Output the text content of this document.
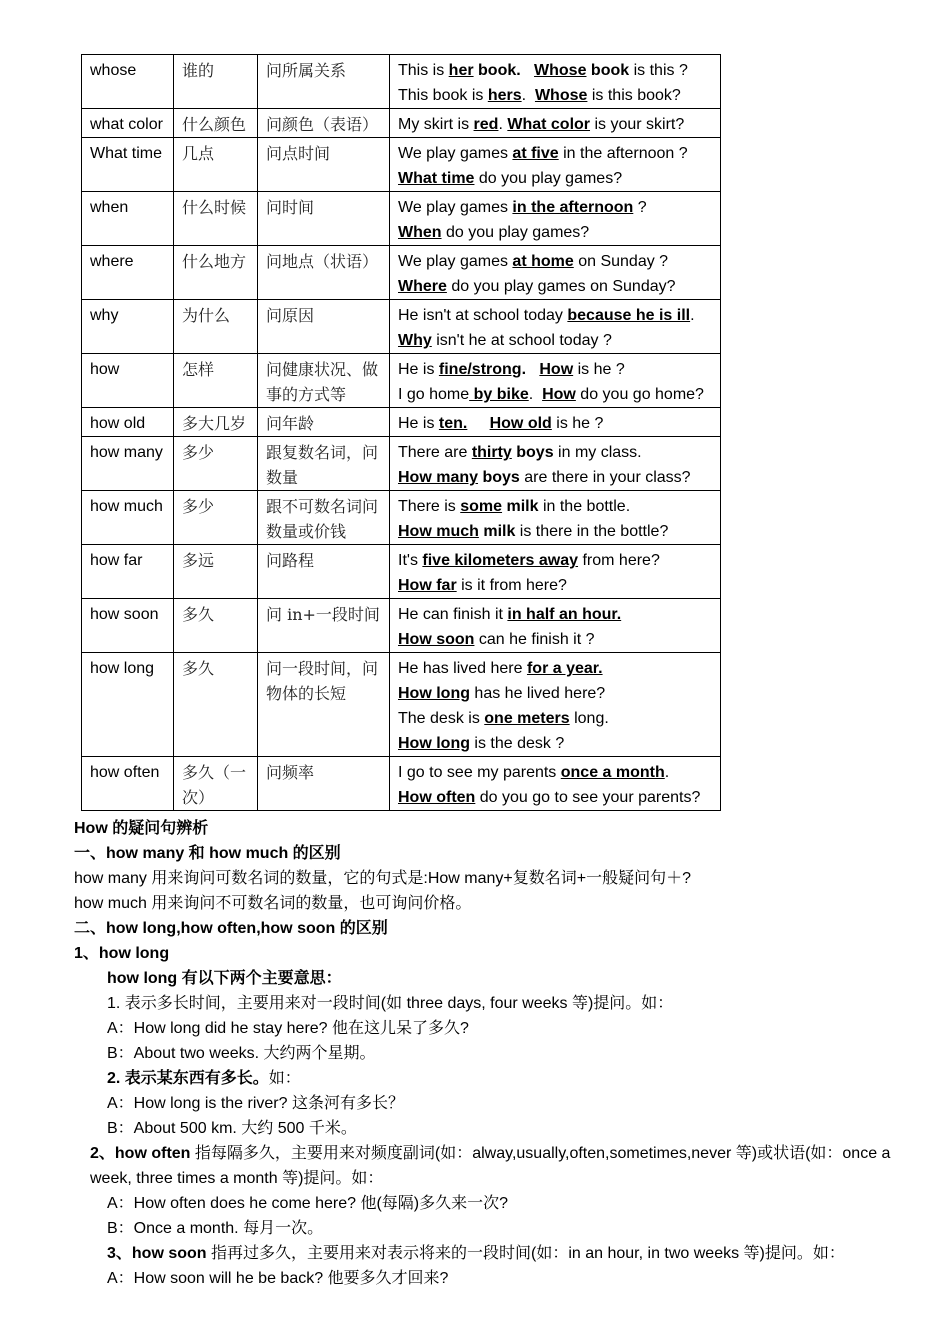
whose	谁的	问所属关系	This is her book. Whose book is this ?
This book is hers.  Whose is this book?

what color	什么颜色	问颜色（表语）	My skirt is red. What color is your skirt?

What time	几点	问点时间	We play games at five in the afternoon ?
What time do you play games?

when	什么时候	问时间	We play games in the afternoon ?
When do you play games?

where	什么地方	问地点（状语）	We play games at home on Sunday ?
Where do you play games on Sunday?

why	为什么	问原因	He isn't at school today because he is ill.
Why isn't he at school today ?

how	怎样	问健康状况、做事的方式等	He is fine/strong. How is he ?
I go home by bike.  How do you go home?

how old	多大几岁	问年龄	He is ten. How old is he ?

how many	多少	跟复数名词，问数量	There are thirty boys in my class.
How many boys are there in your class?

how much	多少	跟不可数名词问数量或价钱	There is some milk in the bottle.
How much milk is there in the bottle?

how far	多远	问路程	It's five kilometers away from here?
How far is it from here?

how soon	多久	问 in+一段时间	He can finish it in half an hour.
How soon can he finish it ?

how long	多久	问一段时间，问物体的长短	He has lived here for a year.
How long has he lived here?
The desk is one meters long.
How long is the desk ?

how often	多久（一次）	问频率	I go to see my parents once a month.
How often do you go to see your parents?
How 的疑问句辨析
一、how many 和 how much 的区别
how many 用来询问可数名词的数量，它的句式是:How many+复数名词+一般疑问句＋?
how much 用来询问不可数名词的数量，也可询问价格。
二、how long,how often,how soon 的区别
1、how long
how long 有以下两个主要意思：
1. 表示多长时间，主要用来对一段时间(如 three days, four weeks 等)提问。如：
A：How long did he stay here? 他在这儿呆了多久?
B：About two weeks. 大约两个星期。
2. 表示某东西有多长。如：
A：How long is the river? 这条河有多长？
B：About 500 km. 大约 500 千米。
2、how often 指每隔多久，主要用来对频度副词(如：alway,usually,often,sometimes,never 等)或状语(如：once a week, three times a month 等)提问。如：
A：How often does he come here? 他(每隔)多久来一次?
B：Once a month. 每月一次。
3、how soon 指再过多久，主要用来对表示将来的一段时间(如：in an hour, in two weeks 等)提问。如：
A：How soon will he be back? 他要多久才回来?
